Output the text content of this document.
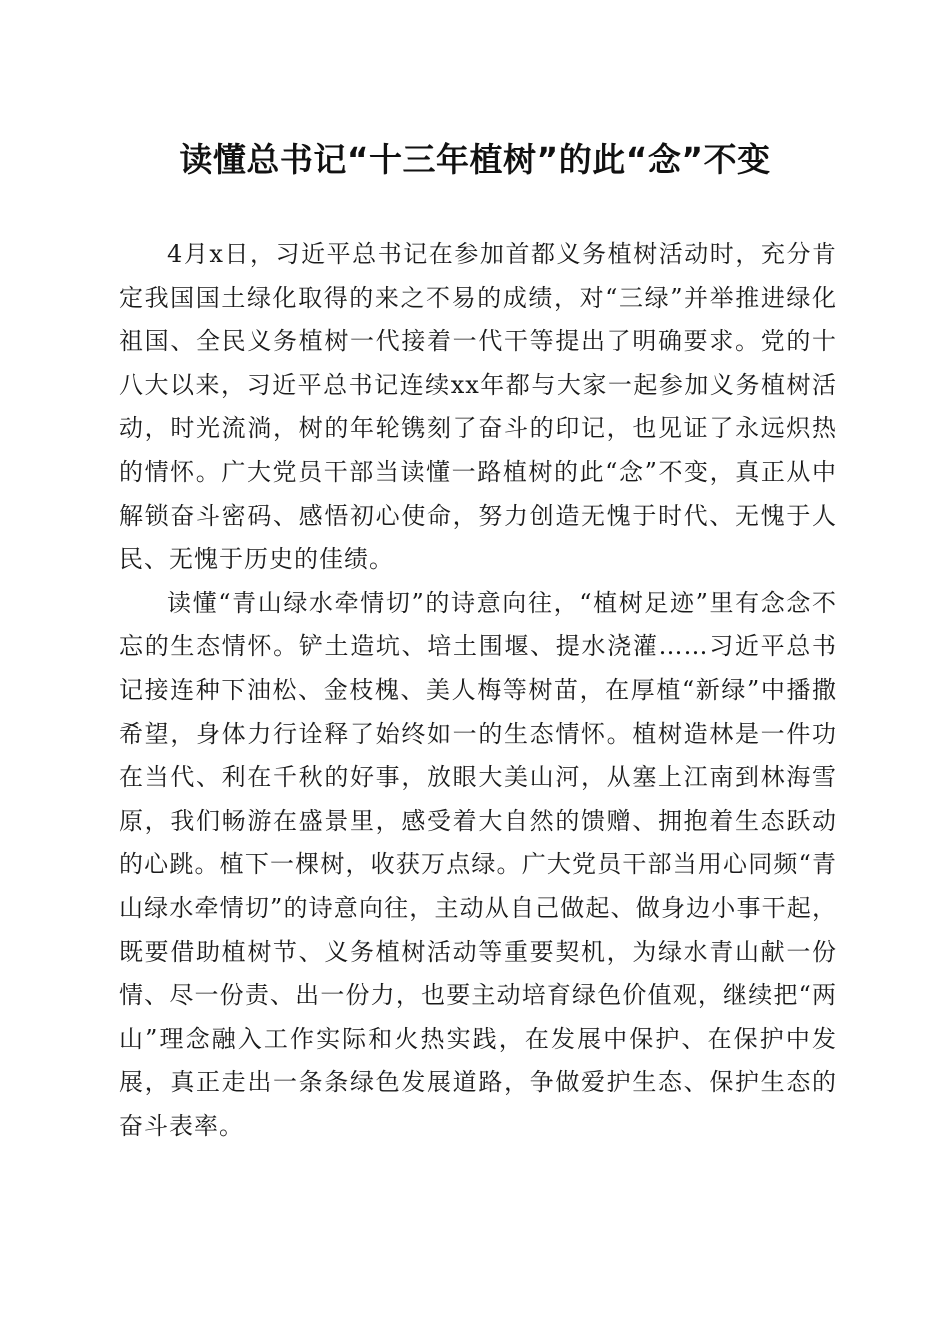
读懂总书记“十三年植树”的此“念”不变

4月x日，习近平总书记在参加首都义务植树活动时，充分肯定我国国土绿化取得的来之不易的成绩，对“三绿”并举推进绿化祖国、全民义务植树一代接着一代干等提出了明确要求。党的十八大以来，习近平总书记连续xx年都与大家一起参加义务植树活动，时光流淌，树的年轮镌刻了奋斗的印记，也见证了永远炽热的情怀。广大党员干部当读懂一路植树的此“念”不变，真正从中解锁奋斗密码、感悟初心使命，努力创造无愧于时代、无愧于人民、无愧于历史的佳绩。

读懂“青山绿水牵情切”的诗意向往，“植树足迹”里有念念不忘的生态情怀。铲土造坑、培土围堰、提水浇灌……习近平总书记接连种下油松、金枝槐、美人梅等树苗，在厚植“新绿”中播撒希望，身体力行诠释了始终如一的生态情怀。植树造林是一件功在当代、利在千秋的好事，放眼大美山河，从塞上江南到林海雪原，我们畅游在盛景里，感受着大自然的馈赠、拥抱着生态跃动的心跳。植下一棵树，收获万点绿。广大党员干部当用心同频“青山绿水牵情切”的诗意向往，主动从自己做起、做身边小事干起，既要借助植树节、义务植树活动等重要契机，为绿水青山献一份情、尽一份责、出一份力，也要主动培育绿色价值观，继续把“两山”理念融入工作实际和火热实践，在发展中保护、在保护中发展，真正走出一条条绿色发展道路，争做爱护生态、保护生态的奋斗表率。
